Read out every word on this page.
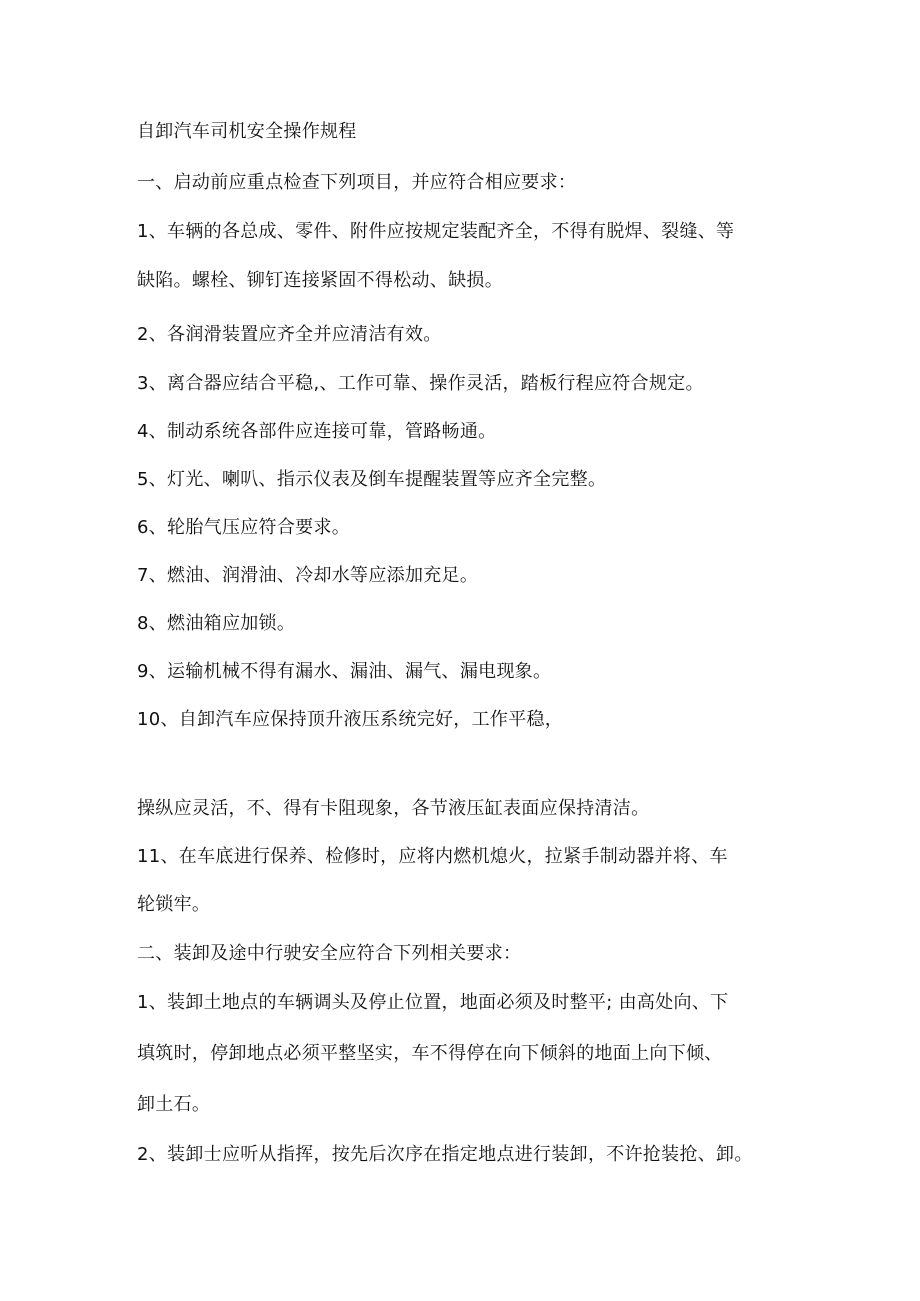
自卸汽车司机安全操作规程
一、启动前应重点检查下列项目，并应符合相应要求：
1、车辆的各总成、零件、附件应按规定装配齐全，不得有脱焊、裂缝、等
缺陷。螺栓、铆钉连接紧固不得松动、缺损。
2、各润滑装置应齐全并应清洁有效。
3、离合器应结合平稳,、工作可靠、操作灵活，踏板行程应符合规定。
4、制动系统各部件应连接可靠，管路畅通。
5、灯光、喇叭、指示仪表及倒车提醒装置等应齐全完整。
6、轮胎气压应符合要求。
7、燃油、润滑油、冷却水等应添加充足。
8、燃油箱应加锁。
9、运输机械不得有漏水、漏油、漏气、漏电现象。
10、自卸汽车应保持顶升液压系统完好，工作平稳，
操纵应灵活，不、得有卡阻现象，各节液压缸表面应保持清洁。
11、在车底进行保养、检修时，应将内燃机熄火，拉紧手制动器并将、车
轮锁牢。
二、装卸及途中行驶安全应符合下列相关要求：
1、装卸土地点的车辆调头及停止位置，地面必须及时整平; 由高处向、下
填筑时，停卸地点必须平整坚实，车不得停在向下倾斜的地面上向下倾、
卸土石。
2、装卸士应听从指挥，按先后次序在指定地点进行装卸，不许抢装抢、卸。
